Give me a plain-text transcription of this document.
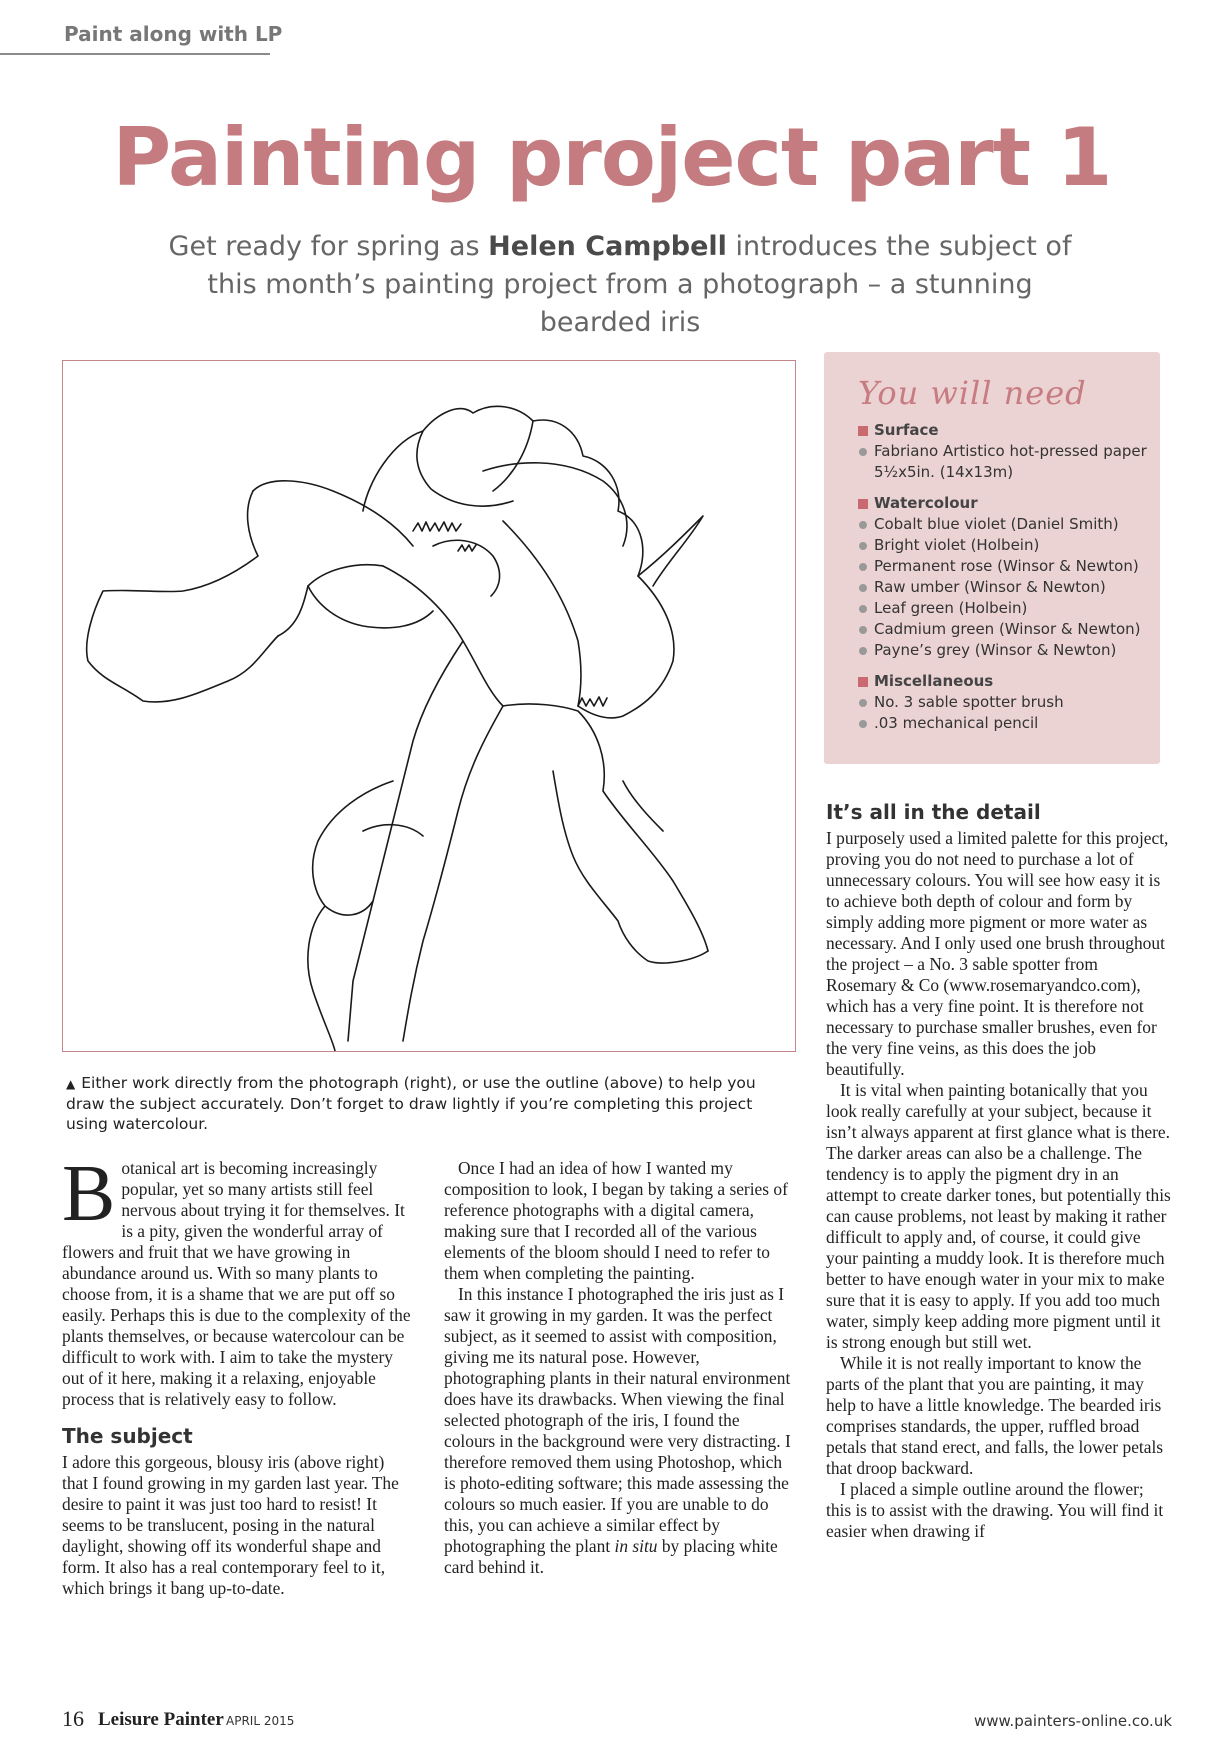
Paint along with LP
Painting project part 1
Get ready for spring as Helen Campbell introduces the subject of this month’s painting project from a photograph – a stunning bearded iris
▲ Either work directly from the photograph (right), or use the outline (above) to help you draw the subject accurately. Don’t forget to draw lightly if you’re completing this project using watercolour.
You will need
Surface
Fabriano Artistico hot-pressed paper 5½x5in. (14x13m)
Watercolour
Cobalt blue violet (Daniel Smith)
Bright violet (Holbein)
Permanent rose (Winsor & Newton)
Raw umber (Winsor & Newton)
Leaf green (Holbein)
Cadmium green (Winsor & Newton)
Payne’s grey (Winsor & Newton)
Miscellaneous
No. 3 sable spotter brush
.03 mechanical pencil

Botanical art is becoming increasingly popular, yet so many artists still feel nervous about trying it for themselves. It is a pity, given the wonderful array of flowers and fruit that we have growing in abundance around us. With so many plants to choose from, it is a shame that we are put off so easily. Perhaps this is due to the complexity of the plants themselves, or because watercolour can be difficult to work with. I aim to take the mystery out of it here, making it a relaxing, enjoyable process that is relatively easy to follow.

The subject

I adore this gorgeous, blousy iris (above right) that I found growing in my garden last year. The desire to paint it was just too hard to resist! It seems to be translucent, posing in the natural daylight, showing off its wonderful shape and form. It also has a real contemporary feel to it, which brings it bang up-to-date.

Once I had an idea of how I wanted my composition to look, I began by taking a series of reference photographs with a digital camera, making sure that I recorded all of the various elements of the bloom should I need to refer to them when completing the painting.

In this instance I photographed the iris just as I saw it growing in my garden. It was the perfect subject, as it seemed to assist with composition, giving me its natural pose. However, photographing plants in their natural environment does have its drawbacks. When viewing the final selected photograph of the iris, I found the colours in the background were very distracting. I therefore removed them using Photoshop, which is photo-editing software; this made assessing the colours so much easier. If you are unable to do this, you can achieve a similar effect by photographing the plant in situ by placing white card behind it.

It’s all in the detail

I purposely used a limited palette for this project, proving you do not need to purchase a lot of unnecessary colours. You will see how easy it is to achieve both depth of colour and form by simply adding more pigment or more water as necessary. And I only used one brush throughout the project – a No. 3 sable spotter from Rosemary & Co (www.rosemaryandco.com), which has a very fine point. It is therefore not necessary to purchase smaller brushes, even for the very fine veins, as this does the job beautifully.

It is vital when painting botanically that you look really carefully at your subject, because it isn’t always apparent at first glance what is there. The darker areas can also be a challenge. The tendency is to apply the pigment dry in an attempt to create darker tones, but potentially this can cause problems, not least by making it rather difficult to apply and, of course, it could give your painting a muddy look. It is therefore much better to have enough water in your mix to make sure that it is easy to apply. If you add too much water, simply keep adding more pigment until it is strong enough but still wet.

While it is not really important to know the parts of the plant that you are painting, it may help to have a little knowledge. The bearded iris comprises standards, the upper, ruffled broad petals that stand erect, and falls, the lower petals that droop backward.

I placed a simple outline around the flower; this is to assist with the drawing. You will find it easier when drawing if

16 Leisure Painter APRIL 2015	www.painters-online.co.uk
